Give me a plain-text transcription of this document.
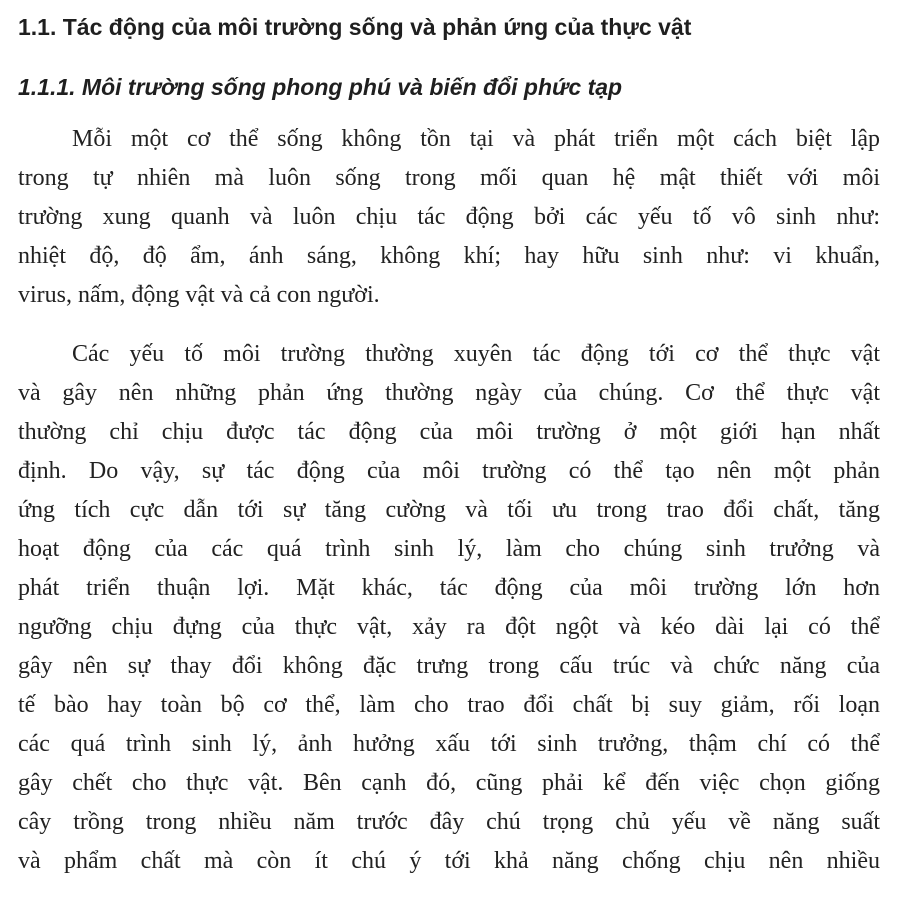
1.1. Tác động của môi trường sống và phản ứng của thực vật
1.1.1. Môi trường sống phong phú và biến đổi phức tạp
Mỗi một cơ thể sống không tồn tại và phát triển một cách biệt lập
trong tự nhiên mà luôn sống trong mối quan hệ mật thiết với môi
trường xung quanh và luôn chịu tác động bởi các yếu tố vô sinh như:
nhiệt độ, độ ẩm, ánh sáng, không khí; hay hữu sinh như: vi khuẩn,
virus, nấm, động vật và cả con người.
Các yếu tố môi trường thường xuyên tác động tới cơ thể thực vật
và gây nên những phản ứng thường ngày của chúng. Cơ thể thực vật
thường chỉ chịu được tác động của môi trường ở một giới hạn nhất
định. Do vậy, sự tác động của môi trường có thể tạo nên một phản
ứng tích cực dẫn tới sự tăng cường và tối ưu trong trao đổi chất, tăng
hoạt động của các quá trình sinh lý, làm cho chúng sinh trưởng và
phát triển thuận lợi. Mặt khác, tác động của môi trường lớn hơn
ngưỡng chịu đựng của thực vật, xảy ra đột ngột và kéo dài lại có thể
gây nên sự thay đổi không đặc trưng trong cấu trúc và chức năng của
tế bào hay toàn bộ cơ thể, làm cho trao đổi chất bị suy giảm, rối loạn
các quá trình sinh lý, ảnh hưởng xấu tới sinh trưởng, thậm chí có thể
gây chết cho thực vật. Bên cạnh đó, cũng phải kể đến việc chọn giống
cây trồng trong nhiều năm trước đây chú trọng chủ yếu về năng suất
và phẩm chất mà còn ít chú ý tới khả năng chống chịu nên nhiều
